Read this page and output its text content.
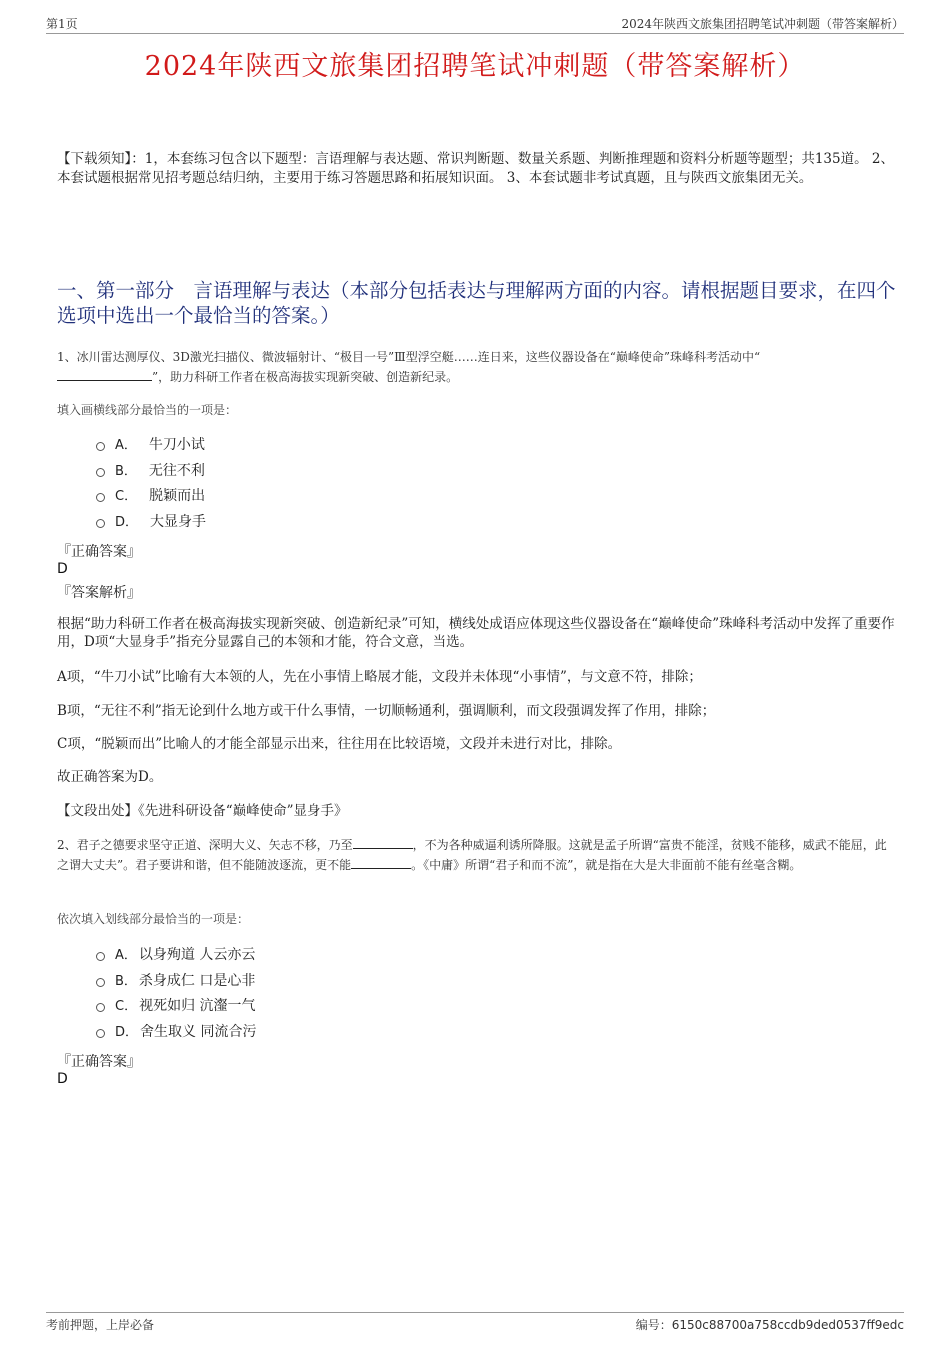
第1页	2024年陕西文旅集团招聘笔试冲刺题（带答案解析）
2024年陕西文旅集团招聘笔试冲刺题（带答案解析）
【下载须知】：1，本套练习包含以下题型：言语理解与表达题、常识判断题、数量关系题、判断推理题和资料分析题等题型；共135道。 2、本套试题根据常见招考题总结归纳，主要用于练习答题思路和拓展知识面。 3、本套试题非考试真题，且与陕西文旅集团无关。
一、第一部分　言语理解与表达（本部分包括表达与理解两方面的内容。请根据题目要求，在四个选项中选出一个最恰当的答案。）
1、冰川雷达测厚仪、3D激光扫描仪、微波辐射计、“极目一号”Ⅲ型浮空艇……连日来，这些仪器设备在“巅峰使命”珠峰科考活动中“
”，助力科研工作者在极高海拔实现新突破、创造新纪录。
填入画横线部分最恰当的一项是：
A． 牛刀小试
B． 无往不利
C． 脱颖而出
D． 大显身手
『正确答案』
D
『答案解析』
根据“助力科研工作者在极高海拔实现新突破、创造新纪录”可知，横线处成语应体现这些仪器设备在“巅峰使命”珠峰科考活动中发挥了重要作用，D项“大显身手”指充分显露自己的本领和才能，符合文意，当选。
A项，“牛刀小试”比喻有大本领的人，先在小事情上略展才能，文段并未体现“小事情”，与文意不符，排除；
B项，“无往不利”指无论到什么地方或干什么事情，一切顺畅通利，强调顺利，而文段强调发挥了作用，排除；
C项，“脱颖而出”比喻人的才能全部显示出来，往往用在比较语境，文段并未进行对比，排除。
故正确答案为D。
【文段出处】《先进科研设备“巅峰使命”显身手》
2、君子之德要求坚守正道、深明大义、矢志不移，乃至	，不为各种威逼利诱所降服。这就是孟子所谓“富贵不能淫，贫贱不能移，威武不能屈，此之谓大丈夫”。君子要讲和谐，但不能随波逐流，更不能	。《中庸》所谓“君子和而不流”，就是指在大是大非面前不能有丝毫含糊。
依次填入划线部分最恰当的一项是：
A． 以身殉道 人云亦云
B． 杀身成仁 口是心非
C． 视死如归 沆瀣一气
D． 舍生取义 同流合污
『正确答案』
D
考前押题，上岸必备	编号：6150c88700a758ccdb9ded0537ff9edc
